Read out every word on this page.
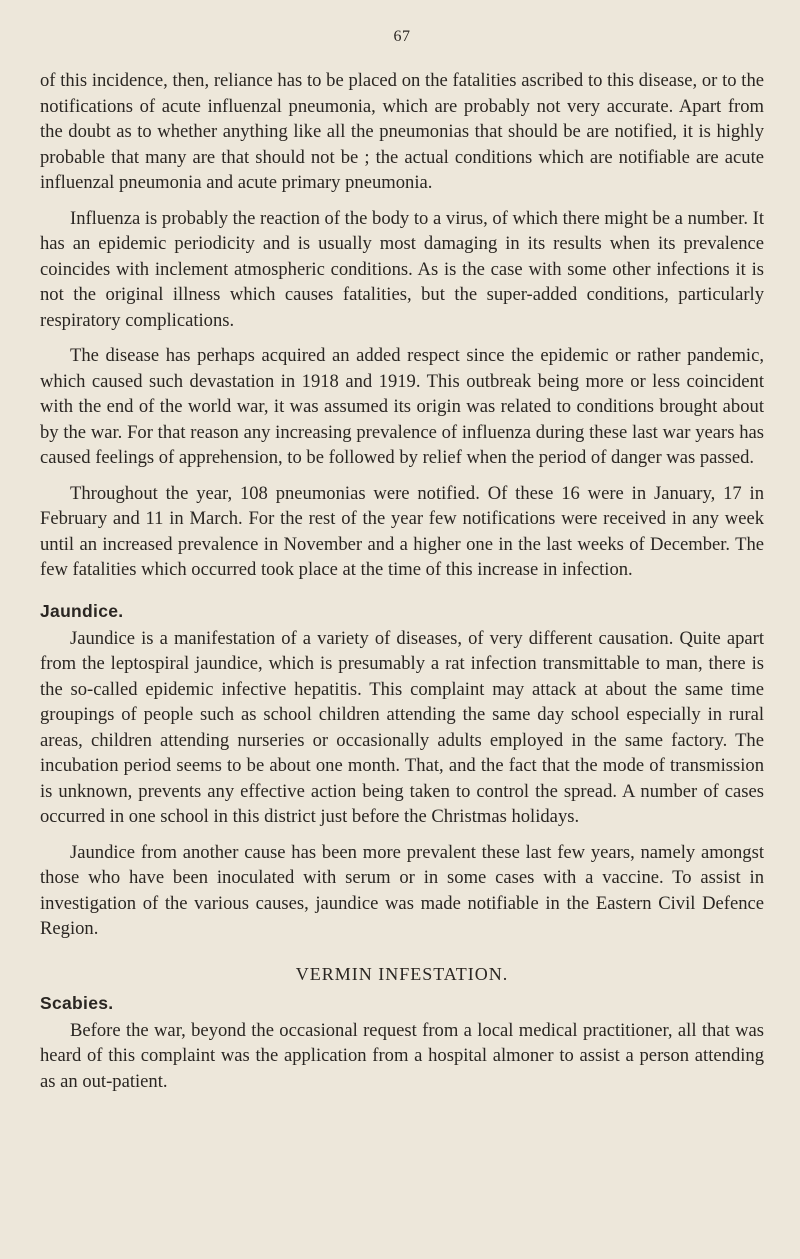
67

of this incidence, then, reliance has to be placed on the fatalities ascribed to this disease, or to the notifications of acute influenzal pneumonia, which are probably not very accurate. Apart from the doubt as to whether anything like all the pneumonias that should be are notified, it is highly probable that many are that should not be ; the actual conditions which are notifiable are acute influenzal pneumonia and acute primary pneumonia.

Influenza is probably the reaction of the body to a virus, of which there might be a number. It has an epidemic periodicity and is usually most damaging in its results when its prevalence coincides with inclement atmospheric conditions. As is the case with some other infections it is not the original illness which causes fatalities, but the super-added conditions, particularly respiratory complications.

The disease has perhaps acquired an added respect since the epidemic or rather pandemic, which caused such devastation in 1918 and 1919. This outbreak being more or less coincident with the end of the world war, it was assumed its origin was related to conditions brought about by the war. For that reason any increasing prevalence of influenza during these last war years has caused feelings of apprehension, to be followed by relief when the period of danger was passed.

Throughout the year, 108 pneumonias were notified. Of these 16 were in January, 17 in February and 11 in March. For the rest of the year few notifications were received in any week until an increased prevalence in November and a higher one in the last weeks of December. The few fatalities which occurred took place at the time of this increase in infection.

Jaundice.

Jaundice is a manifestation of a variety of diseases, of very different causation. Quite apart from the leptospiral jaundice, which is presumably a rat infection transmittable to man, there is the so-called epidemic infective hepatitis. This complaint may attack at about the same time groupings of people such as school children attending the same day school especially in rural areas, children attending nurseries or occasionally adults employed in the same factory. The incubation period seems to be about one month. That, and the fact that the mode of transmission is unknown, prevents any effective action being taken to control the spread. A number of cases occurred in one school in this district just before the Christmas holidays.

Jaundice from another cause has been more prevalent these last few years, namely amongst those who have been inoculated with serum or in some cases with a vaccine. To assist in investigation of the various causes, jaundice was made notifiable in the Eastern Civil Defence Region.

VERMIN INFESTATION.
Scabies.

Before the war, beyond the occasional request from a local medical practitioner, all that was heard of this complaint was the application from a hospital almoner to assist a person attending as an out-patient.
